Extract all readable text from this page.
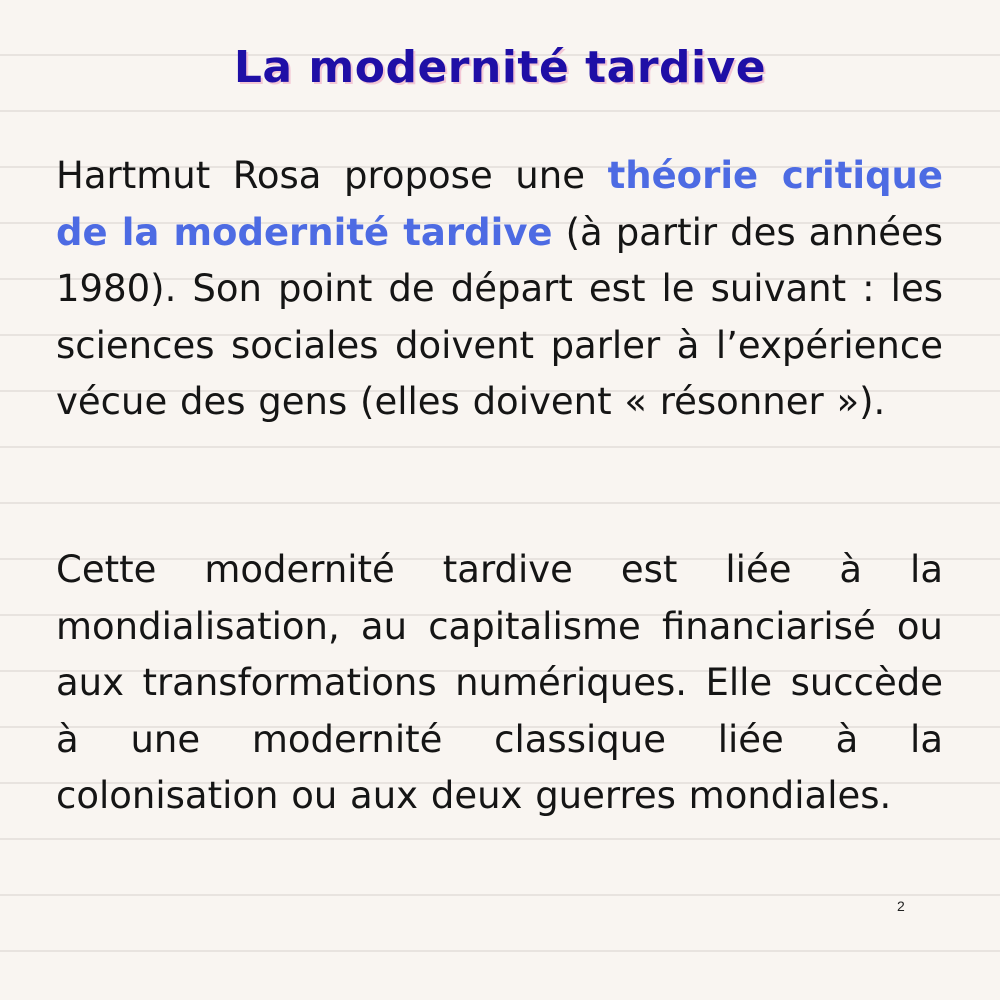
La modernité tardive

Hartmut Rosa propose une théorie critique de la modernité tardive (à partir des années 1980). Son point de départ est le suivant : les sciences sociales doivent parler à l’expérience vécue des gens (elles doivent « résonner »).

Cette modernité tardive est liée à la mondialisation, au capitalisme financiarisé ou aux transformations numériques. Elle succède à une modernité classique liée à la colonisation ou aux deux guerres mondiales.

2
